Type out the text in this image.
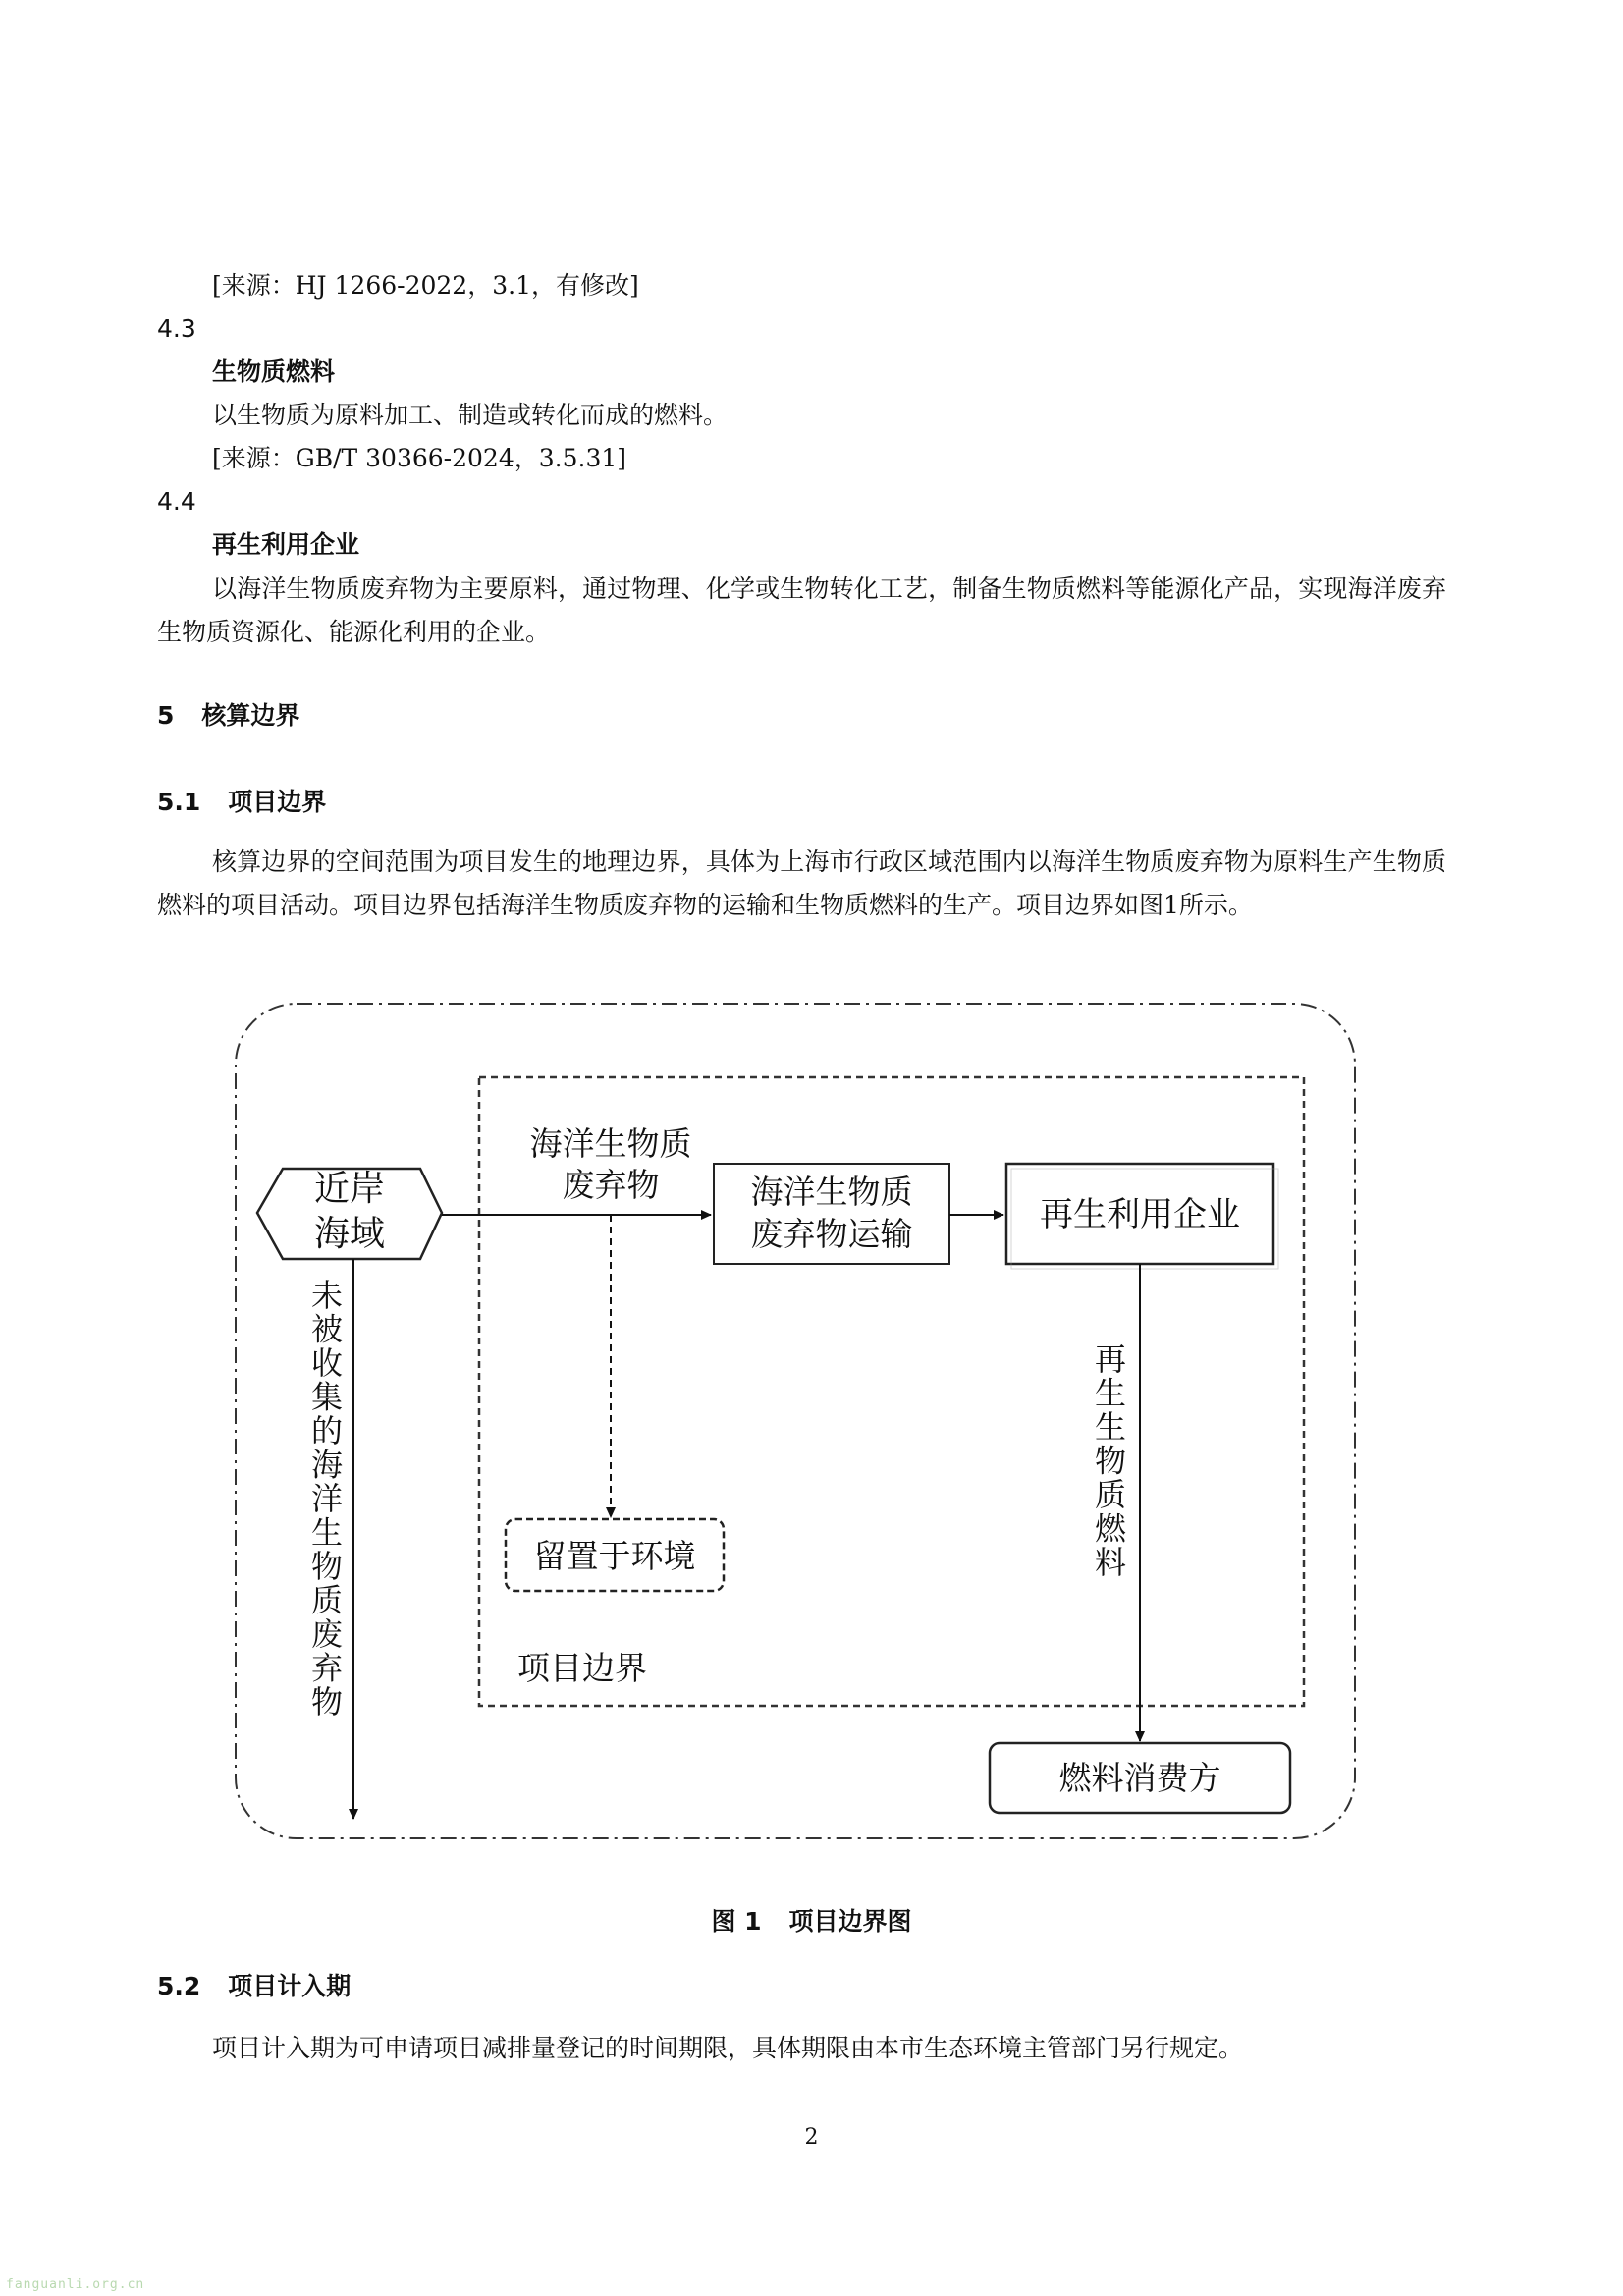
[来源：HJ 1266-2022，3.1，有修改]
4.3
生物质燃料
以生物质为原料加工、制造或转化而成的燃料。
[来源：GB/T 30366-2024，3.5.31]
4.4
再生利用企业
以海洋生物质废弃物为主要原料，通过物理、化学或生物转化工艺，制备生物质燃料等能源化产品，实现海洋废弃生物质资源化、能源化利用的企业。
5 核算边界
5.1 项目边界
核算边界的空间范围为项目发生的地理边界，具体为上海市行政区域范围内以海洋生物质废弃物为原料生产生物质燃料的项目活动。项目边界包括海洋生物质废弃物的运输和生物质燃料的生产。项目边界如图1所示。
近岸
海域
海洋生物质
废弃物	海洋生物质
废弃物运输	再生利用企业
留置于环境
项目边界
未
被
收
集
的
海
洋
生
物
质
废
弃
物
再
生
生
物
质
燃
料
燃料消费方
图 1 项目边界图
5.2 项目计入期
项目计入期为可申请项目减排量登记的时间期限，具体期限由本市生态环境主管部门另行规定。
2
fanguanli.org.cn
